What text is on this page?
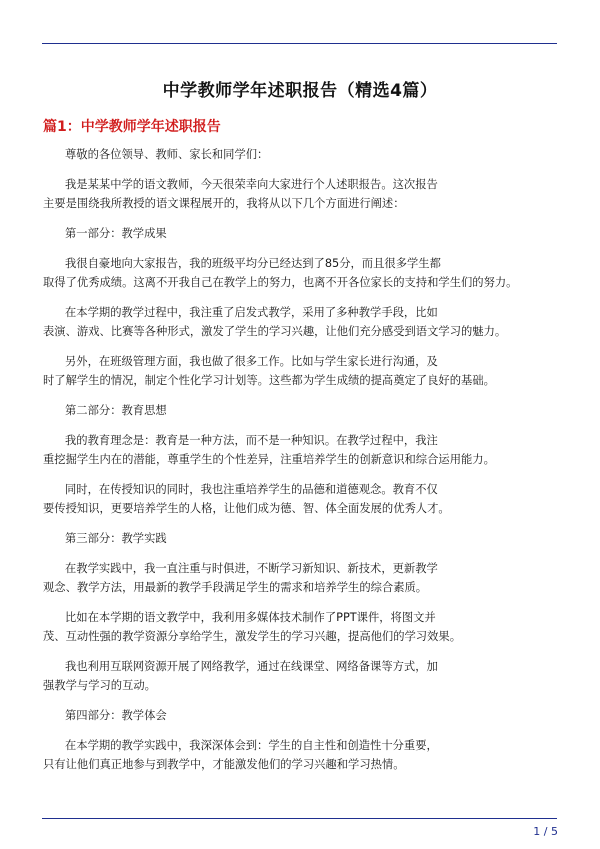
中学教师学年述职报告（精选4篇）
篇1：中学教师学年述职报告

尊敬的各位领导、教师、家长和同学们：

我是某某中学的语文教师，今天很荣幸向大家进行个人述职报告。这次报告
主要是围绕我所教授的语文课程展开的，我将从以下几个方面进行阐述：

第一部分：教学成果

我很自豪地向大家报告，我的班级平均分已经达到了85分，而且很多学生都
取得了优秀成绩。这离不开我自己在教学上的努力，也离不开各位家长的支持和学生们的努力。

在本学期的教学过程中，我注重了启发式教学，采用了多种教学手段，比如
表演、游戏、比赛等各种形式，激发了学生的学习兴趣，让他们充分感受到语文学习的魅力。

另外，在班级管理方面，我也做了很多工作。比如与学生家长进行沟通，及
时了解学生的情况，制定个性化学习计划等。这些都为学生成绩的提高奠定了良好的基础。

第二部分：教育思想

我的教育理念是：教育是一种方法，而不是一种知识。在教学过程中，我注
重挖掘学生内在的潜能，尊重学生的个性差异，注重培养学生的创新意识和综合运用能力。

同时，在传授知识的同时，我也注重培养学生的品德和道德观念。教育不仅
要传授知识，更要培养学生的人格，让他们成为德、智、体全面发展的优秀人才。

第三部分：教学实践

在教学实践中，我一直注重与时俱进，不断学习新知识、新技术，更新教学
观念、教学方法，用最新的教学手段满足学生的需求和培养学生的综合素质。

比如在本学期的语文教学中，我利用多媒体技术制作了PPT课件，将图文并
茂、互动性强的教学资源分享给学生，激发学生的学习兴趣，提高他们的学习效果。

我也利用互联网资源开展了网络教学，通过在线课堂、网络备课等方式，加
强教学与学习的互动。

第四部分：教学体会

在本学期的教学实践中，我深深体会到：学生的自主性和创造性十分重要，
只有让他们真正地参与到教学中，才能激发他们的学习兴趣和学习热情。

1 / 5
